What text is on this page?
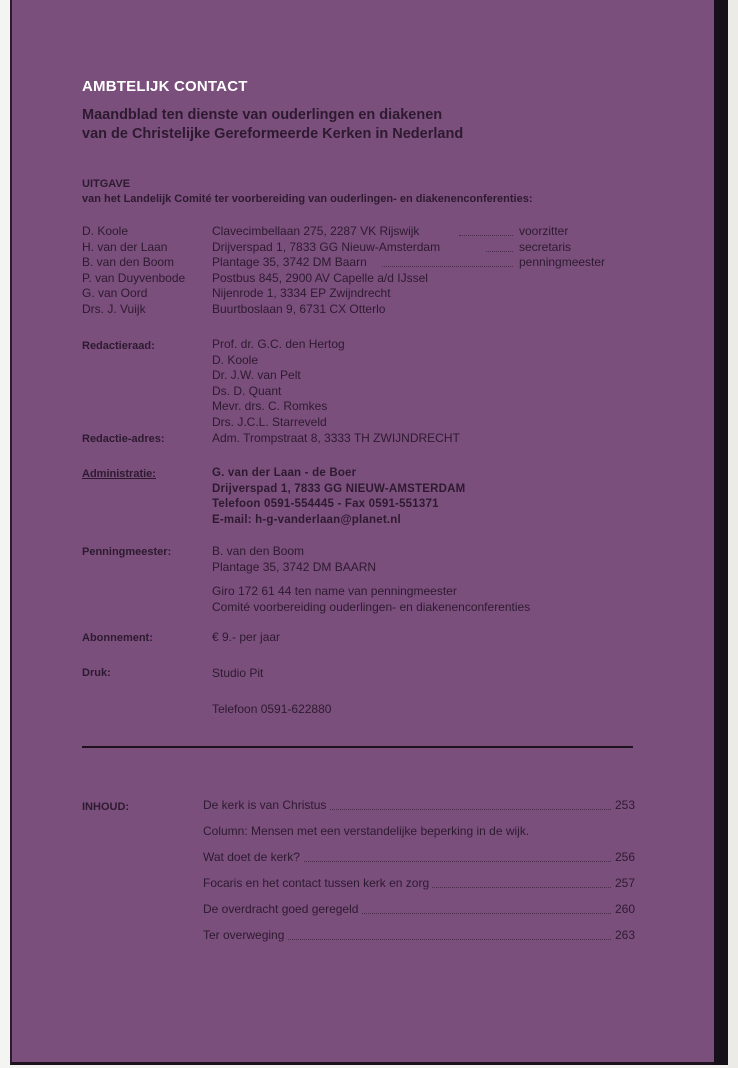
AMBTELIJK CONTACT
Maandblad ten dienste van ouderlingen en diakenen
van de Christelijke Gereformeerde Kerken in Nederland
UITGAVE
van het Landelijk Comité ter voorbereiding van ouderlingen- en diakenenconferenties:
D. Koole	Clavecimbellaan 275, 2287 VK Rijswijk	voorzitter
H. van der Laan	Drijverspad 1, 7833 GG Nieuw-Amsterdam	secretaris
B. van den Boom	Plantage 35, 3742 DM Baarn	penningmeester
P. van Duyvenbode Postbus 845, 2900 AV Capelle a/d IJssel
G. van Oord	Nijenrode 1, 3334 EP Zwijndrecht
Drs. J. Vuijk	Buurtboslaan 9, 6731 CX Otterlo
Redactieraad:	Prof. dr. G.C. den Hertog
D. Koole
Dr. J.W. van Pelt
Ds. D. Quant
Mevr. drs. C. Romkes
Drs. J.C.L. Starreveld
Redactie-adres:	Adm. Trompstraat 8, 3333 TH ZWIJNDRECHT
Administratie:	G. van der Laan - de Boer
Drijverspad 1, 7833 GG NIEUW-AMSTERDAM
Telefoon 0591-554445 - Fax 0591-551371
E-mail: h-g-vanderlaan@planet.nl
Penningmeester:	B. van den Boom
Plantage 35, 3742 DM BAARN
Giro 172 61 44 ten name van penningmeester
Comité voorbereiding ouderlingen- en diakenenconferenties
Abonnement:	€ 9.- per jaar
Druk:	Studio Pit
Telefoon 0591-622880
INHOUD:	De kerk is van Christus	253
Column: Mensen met een verstandelijke beperking in de wijk.
Wat doet de kerk?	256
Focaris en het contact tussen kerk en zorg	257
De overdracht goed geregeld	260
Ter overweging	263
